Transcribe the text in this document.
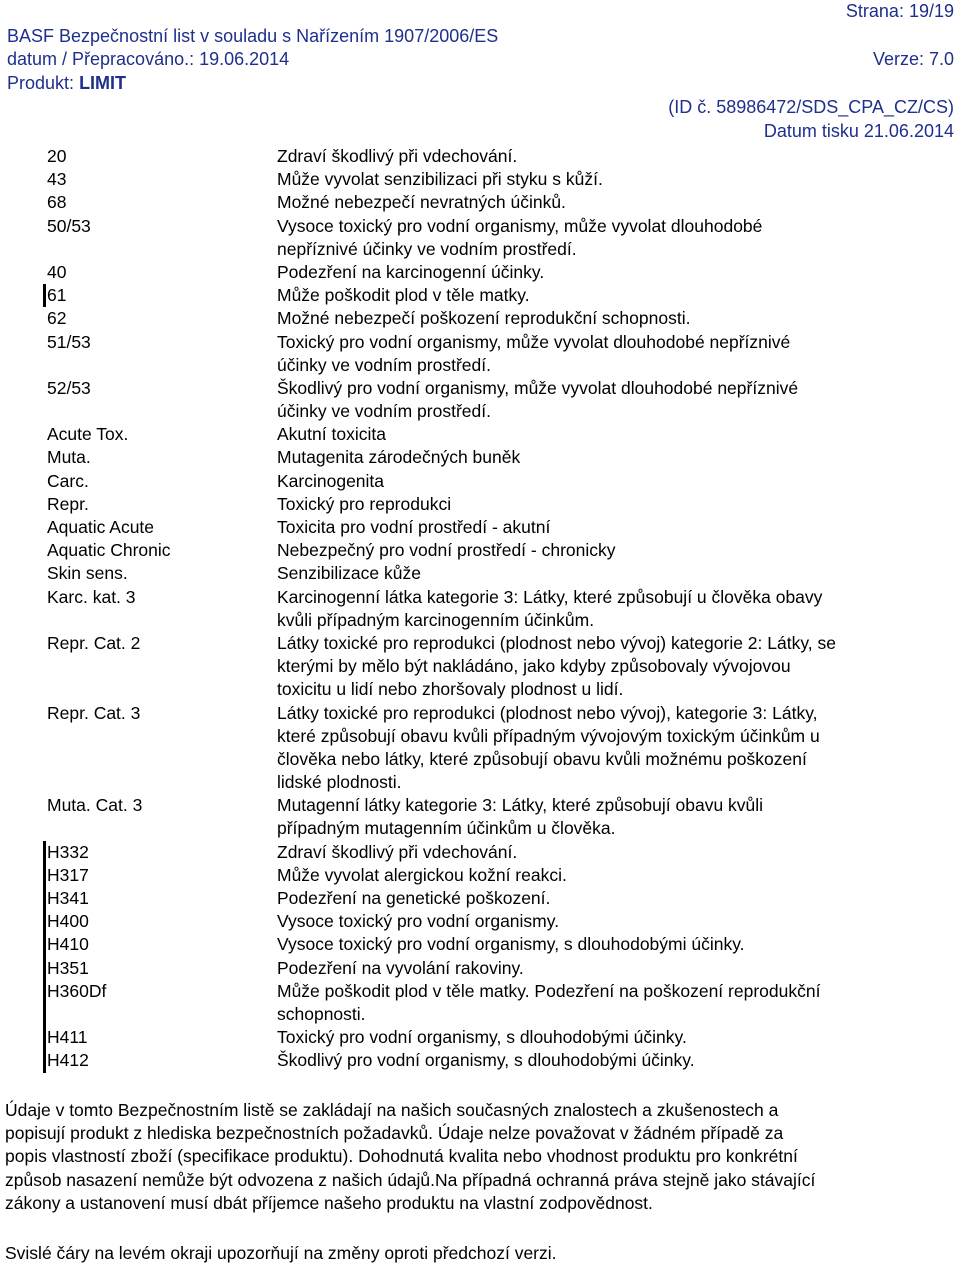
Strana: 19/19
BASF Bezpečnostní list v souladu s Nařízením 1907/2006/ES
datum / Přepracováno.: 19.06.2014	Verze: 7.0
Produkt: LIMIT
(ID č. 58986472/SDS_CPA_CZ/CS)
Datum tisku 21.06.2014
20	Zdraví škodlivý při vdechování.
43	Může vyvolat senzibilizaci při styku s kůží.
68	Možné nebezpečí nevratných účinků.
50/53	Vysoce toxický pro vodní organismy, může vyvolat dlouhodobé
nepříznivé účinky ve vodním prostředí.
40	Podezření na karcinogenní účinky.
61	Může poškodit plod v těle matky.
62	Možné nebezpečí poškození reprodukční schopnosti.
51/53	Toxický pro vodní organismy, může vyvolat dlouhodobé nepříznivé
účinky ve vodním prostředí.
52/53	Škodlivý pro vodní organismy, může vyvolat dlouhodobé nepříznivé
účinky ve vodním prostředí.
Acute Tox.	Akutní toxicita
Muta.	Mutagenita zárodečných buněk
Carc.	Karcinogenita
Repr.	Toxický pro reprodukci
Aquatic Acute	Toxicita pro vodní prostředí - akutní
Aquatic Chronic	Nebezpečný pro vodní prostředí - chronicky
Skin sens.	Senzibilizace kůže
Karc. kat. 3	Karcinogenní látka kategorie 3: Látky, které způsobují u člověka obavy
kvůli případným karcinogenním účinkům.
Repr. Cat. 2	Látky toxické pro reprodukci (plodnost nebo vývoj) kategorie 2: Látky, se
kterými by mělo být nakládáno, jako kdyby způsobovaly vývojovou
toxicitu u lidí nebo zhoršovaly plodnost u lidí.
Repr. Cat. 3	Látky toxické pro reprodukci (plodnost nebo vývoj), kategorie 3: Látky,
které způsobují obavu kvůli případným vývojovým toxickým účinkům u
člověka nebo látky, které způsobují obavu kvůli možnému poškození
lidské plodnosti.
Muta. Cat. 3	Mutagenní látky kategorie 3: Látky, které způsobují obavu kvůli
případným mutagenním účinkům u člověka.
H332	Zdraví škodlivý při vdechování.
H317	Může vyvolat alergickou kožní reakci.
H341	Podezření na genetické poškození.
H400	Vysoce toxický pro vodní organismy.
H410	Vysoce toxický pro vodní organismy, s dlouhodobými účinky.
H351	Podezření na vyvolání rakoviny.
H360Df	Může poškodit plod v těle matky. Podezření na poškození reprodukční
schopnosti.
H411	Toxický pro vodní organismy, s dlouhodobými účinky.
H412	Škodlivý pro vodní organismy, s dlouhodobými účinky.
Údaje v tomto Bezpečnostním listě se zakládají na našich současných znalostech a zkušenostech a
popisují produkt z hlediska bezpečnostních požadavků. Údaje nelze považovat v žádném případě za
popis vlastností zboží (specifikace produktu). Dohodnutá kvalita nebo vhodnost produktu pro konkrétní
způsob nasazení nemůže být odvozena z našich údajů.Na případná ochranná práva stejně jako stávající
zákony a ustanovení musí dbát příjemce našeho produktu na vlastní zodpovědnost.
Svislé čáry na levém okraji upozorňují na změny oproti předchozí verzi.
